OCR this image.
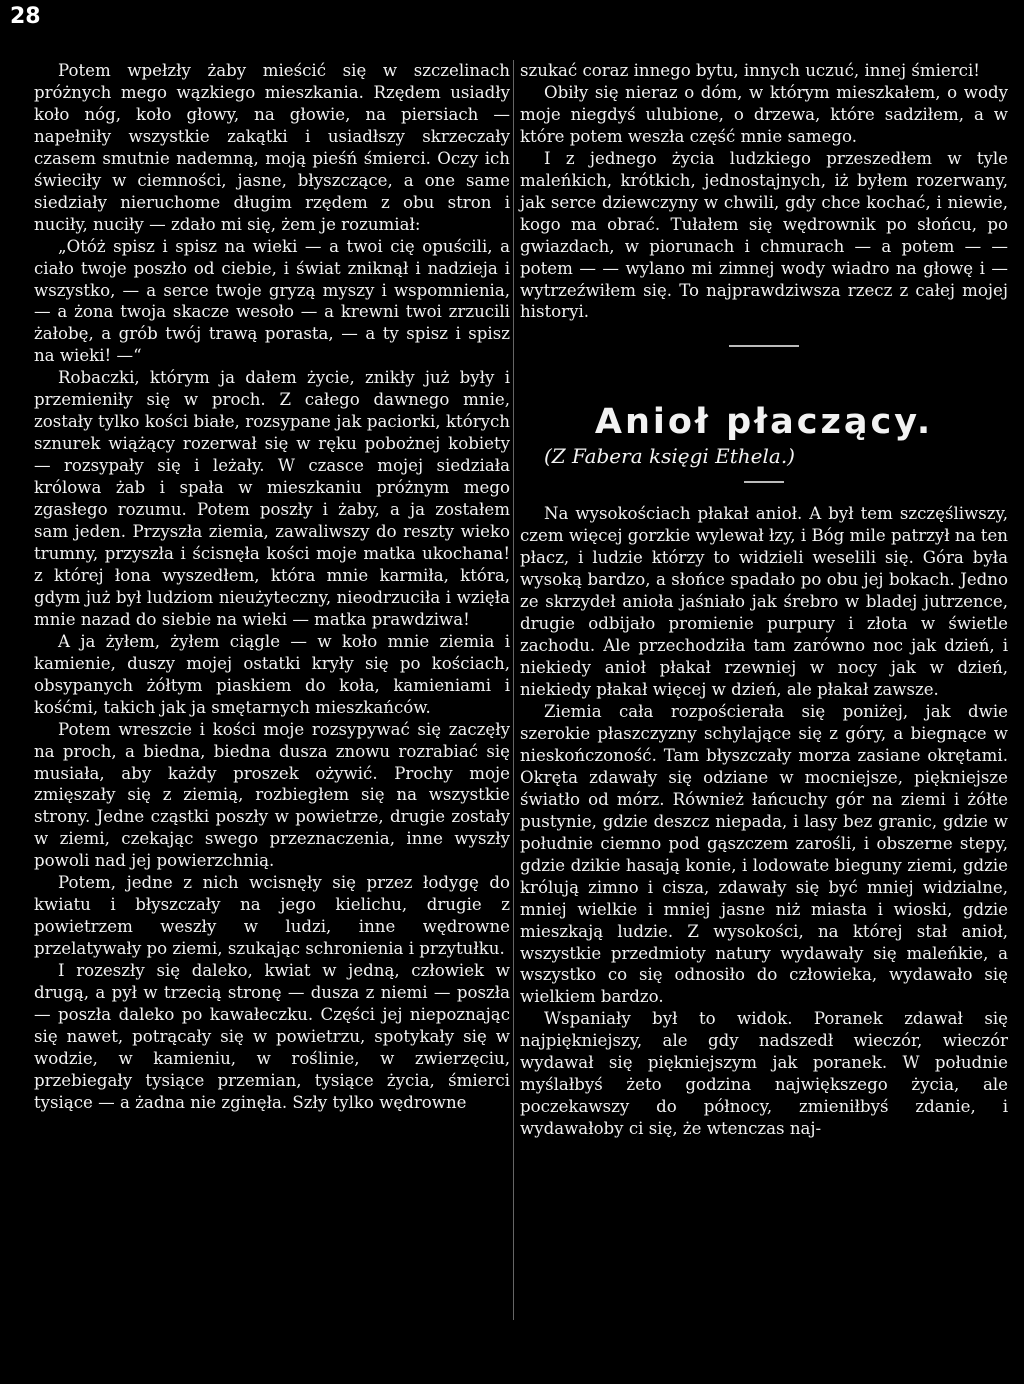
28

Potem wpełzły żaby mieścić się w szczelinach próżnych mego wązkiego mieszkania. Rzędem usiadły koło nóg, koło głowy, na głowie, na piersiach — napełniły wszystkie zakątki i usiadłszy skrzeczały czasem smutnie nademną, moją pieśń śmierci. Oczy ich świeciły w ciemności, jasne, błyszczące, a one same siedziały nieruchome długim rzędem z obu stron i nuciły, nuciły — zdało mi się, żem je rozumiał:

„Otóż spisz i spisz na wieki — a twoi cię opuścili, a ciało twoje poszło od ciebie, i świat zniknął i nadzieja i wszystko, — a serce twoje gryzą myszy i wspomnienia, — a żona twoja skacze wesoło — a krewni twoi zrzucili żałobę, a grób twój trawą porasta, — a ty spisz i spisz na wieki! —“

Robaczki, którym ja dałem życie, znikły już były i przemieniły się w proch. Z całego dawnego mnie, zostały tylko kości białe, rozsypane jak paciorki, których sznurek wiążący rozerwał się w ręku pobożnej kobiety — rozsypały się i leżały. W czasce mojej siedziała królowa żab i spała w mieszkaniu próżnym mego zgasłego rozumu. Potem poszły i żaby, a ja zostałem sam jeden. Przyszła ziemia, zawaliwszy do reszty wieko trumny, przyszła i ścisnęła kości moje matka ukochana! z której łona wyszedłem, która mnie karmiła, która, gdym już był ludziom nieużyteczny, nieodrzuciła i wzięła mnie nazad do siebie na wieki — matka prawdziwa!

A ja żyłem, żyłem ciągle — w koło mnie ziemia i kamienie, duszy mojej ostatki kryły się po kościach, obsypanych żółtym piaskiem do koła, kamieniami i kośćmi, takich jak ja smętarnych mieszkańców.

Potem wreszcie i kości moje rozsypywać się zaczęły na proch, a biedna, biedna dusza znowu rozrabiać się musiała, aby każdy proszek ożywić. Prochy moje zmięszały się z ziemią, rozbiegłem się na wszystkie strony. Jedne cząstki poszły w powietrze, drugie zostały w ziemi, czekając swego przeznaczenia, inne wyszły powoli nad jej powierzchnią.

Potem, jedne z nich wcisnęły się przez łodygę do kwiatu i błyszczały na jego kielichu, drugie z powietrzem weszły w ludzi, inne wędrowne przelatywały po ziemi, szukając schronienia i przytułku.

I rozeszły się daleko, kwiat w jedną, człowiek w drugą, a pył w trzecią stronę — dusza z niemi — poszła — poszła daleko po kawałeczku. Części jej niepoznając się nawet, potrącały się w powietrzu, spotykały się w wodzie, w kamieniu, w roślinie, w zwierzęciu, przebiegały tysiące przemian, tysiące życia, śmierci tysiące — a żadna nie zginęła. Szły tylko wędrowne

szukać coraz innego bytu, innych uczuć, innej śmierci!

Obiły się nieraz o dóm, w którym mieszkałem, o wody moje niegdyś ulubione, o drzewa, które sadziłem, a w które potem weszła część mnie samego.

I z jednego życia ludzkiego przeszedłem w tyle maleńkich, krótkich, jednostajnych, iż byłem rozerwany, jak serce dziewczyny w chwili, gdy chce kochać, i niewie, kogo ma obrać. Tułałem się wędrownik po słońcu, po gwiazdach, w piorunach i chmurach — a potem — — potem — — wylano mi zimnej wody wiadro na głowę i — wytrzeźwiłem się. To najprawdziwsza rzecz z całej mojej historyi.

Anioł płaczący.

(Z Fabera księgi Ethela.)

Na wysokościach płakał anioł. A był tem szczęśliwszy, czem więcej gorzkie wylewał łzy, i Bóg mile patrzył na ten płacz, i ludzie którzy to widzieli weselili się. Góra była wysoką bardzo, a słońce spadało po obu jej bokach. Jedno ze skrzydeł anioła jaśniało jak śrebro w bladej jutrzence, drugie odbijało promienie purpury i złota w świetle zachodu. Ale przechodziła tam zarówno noc jak dzień, i niekiedy anioł płakał rzewniej w nocy jak w dzień, niekiedy płakał więcej w dzień, ale płakał zawsze.

Ziemia cała rozpościerała się poniżej, jak dwie szerokie płaszczyzny schylające się z góry, a biegnące w nieskończoność. Tam błyszczały morza zasiane okrętami. Okręta zdawały się odziane w mocniejsze, piękniejsze światło od mórz. Również łańcuchy gór na ziemi i żółte pustynie, gdzie deszcz niepada, i lasy bez granic, gdzie w południe ciemno pod gąszczem zarośli, i obszerne stepy, gdzie dzikie hasają konie, i lodowate bieguny ziemi, gdzie królują zimno i cisza, zdawały się być mniej widzialne, mniej wielkie i mniej jasne niż miasta i wioski, gdzie mieszkają ludzie. Z wysokości, na której stał anioł, wszystkie przedmioty natury wydawały się maleńkie, a wszystko co się odnosiło do człowieka, wydawało się wielkiem bardzo.

Wspaniały był to widok. Poranek zdawał się najpiękniejszy, ale gdy nadszedł wieczór, wieczór wydawał się piękniejszym jak poranek. W południe myślałbyś żeto godzina największego życia, ale poczekawszy do północy, zmieniłbyś zdanie, i wydawałoby ci się, że wtenczas naj-
